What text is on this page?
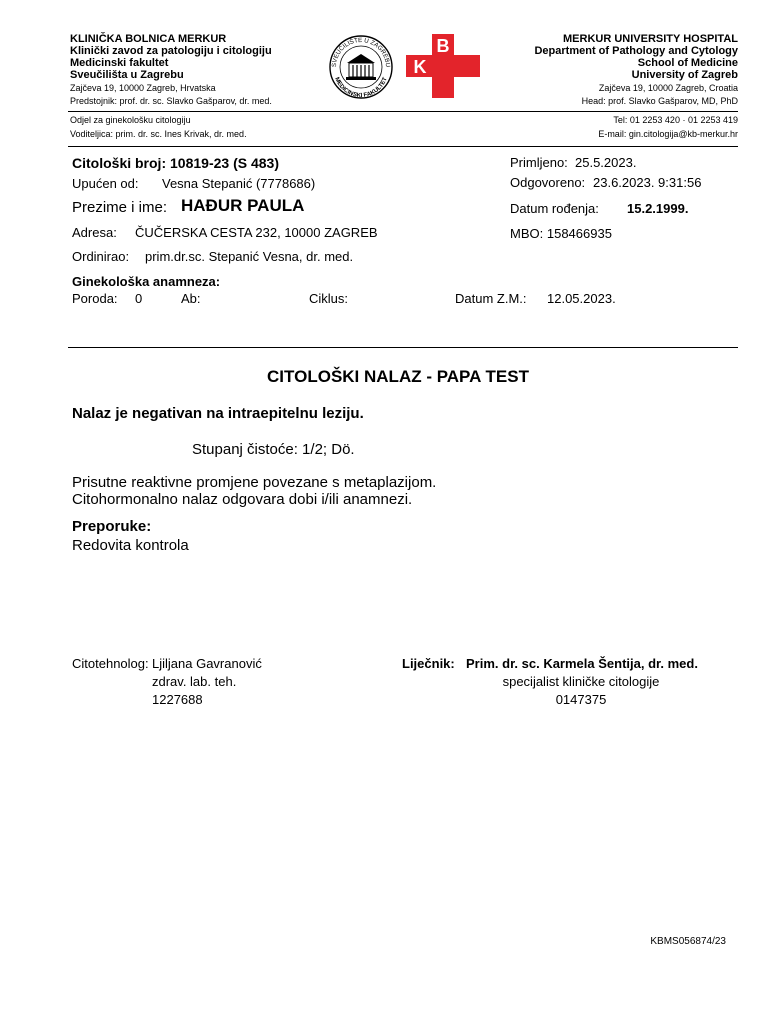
KLINIČKA BOLNICA MERKUR
Klinički zavod za patologiju i citologiju
Medicinski fakultet
Sveučilišta u Zagrebu
Zajčeva 19, 10000 Zagreb, Hrvatska
Predstojnik: prof. dr. sc. Slavko Gašparov, dr. med.
SVEUČILIŠTE U ZAGREBU
MEDICINSKI FAKULTET
B
K
MERKUR UNIVERSITY HOSPITAL
Department of Pathology and Cytology
School of Medicine
University of Zagreb
Zajčeva 19, 10000 Zagreb, Croatia
Head: prof. Slavko Gašparov, MD, PhD
Odjel za ginekološku citologiju
Voditeljica: prim. dr. sc. Ines Krivak, dr. med.
Tel: 01 2253 420 · 01 2253 419
E-mail: gin.citologija@kb-merkur.hr
Citološki broj: 10819-23 (S 483)
Upućen od: Vesna Stepanić (7778686)
Prezime i ime: HAĐUR PAULA
Adresa: ČUČERSKA CESTA 232, 10000 ZAGREB
Ordinirao: prim.dr.sc. Stepanić Vesna, dr. med.
Primljeno: 25.5.2023.
Odgovoreno: 23.6.2023. 9:31:56
Datum rođenja: 15.2.1999.
MBO: 158466935
Ginekološka anamneza:
Poroda: 0	Ab:	Ciklus:	Datum Z.M.: 12.05.2023.
CITOLOŠKI NALAZ - PAPA TEST
Nalaz je negativan na intraepitelnu leziju.
Stupanj čistoće: 1/2; Dö.
Prisutne reaktivne promjene povezane s metaplazijom.
Citohormonalno nalaz odgovara dobi i/ili anamnezi.
Preporuke:
Redovita kontrola
Citotehnolog: Ljiljana Gavranović
zdrav. lab. teh.
1227688
Liječnik: Prim. dr. sc. Karmela Šentija, dr. med.
specijalist kliničke citologije
0147375
KBMS056874/23
